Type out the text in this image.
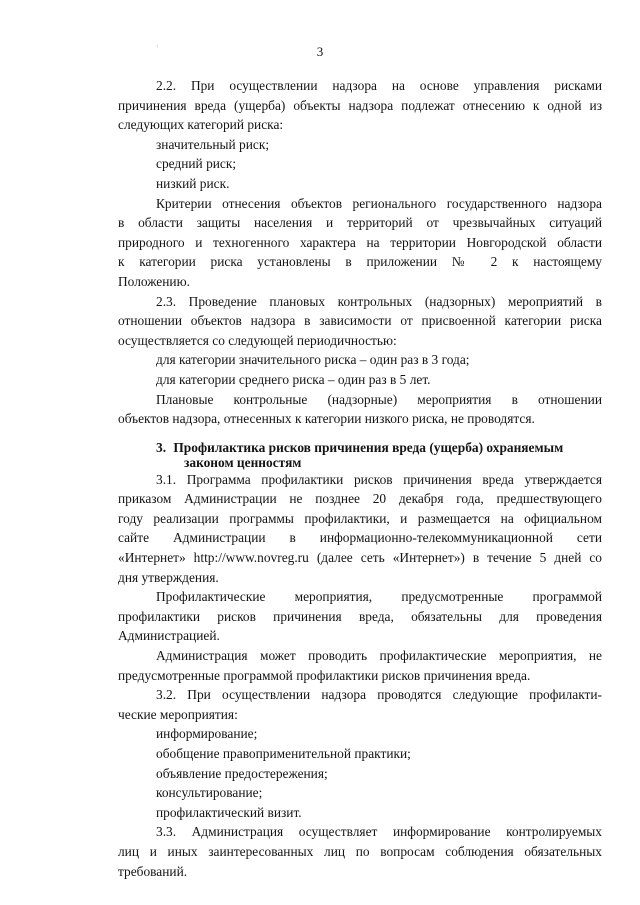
·	3

2.2. При осуществлении надзора на основе управления рисками

причинения вреда (ущерба) объекты надзора подлежат отнесению к одной из

следующих категорий риска:

значительный риск;

средний риск;

низкий риск.

Критерии отнесения объектов регионального государственного надзора

в области защиты населения и территорий от чрезвычайных ситуаций

природного и техногенного характера на территории Новгородской области

к категории риска установлены в приложении № 2 к настоящему

Положению.

2.3. Проведение плановых контрольных (надзорных) мероприятий в

отношении объектов надзора в зависимости от присвоенной категории риска

осуществляется со следующей периодичностью:

для категории значительного риска – один раз в 3 года;

для категории среднего риска – один раз в 5 лет.

Плановые контрольные (надзорные) мероприятия в отношении

объектов надзора, отнесенных к категории низкого риска, не проводятся.

3. Профилактика рисков причинения вреда (ущерба) охраняемым
законом ценностям

3.1. Программа профилактики рисков причинения вреда утверждается

приказом Администрации не позднее 20 декабря года, предшествующего

году реализации программы профилактики, и размещается на официальном

сайте Администрации в информационно-телекоммуникационной сети

«Интернет» http://www.novreg.ru (далее сеть «Интернет») в течение 5 дней со

дня утверждения.

Профилактические мероприятия, предусмотренные программой

профилактики рисков причинения вреда, обязательны для проведения

Администрацией.

Администрация может проводить профилактические мероприятия, не

предусмотренные программой профилактики рисков причинения вреда.

3.2. При осуществлении надзора проводятся следующие профилакти-

ческие мероприятия:

информирование;

обобщение правоприменительной практики;

объявление предостережения;

консультирование;

профилактический визит.

3.3. Администрация осуществляет информирование контролируемых

лиц и иных заинтересованных лиц по вопросам соблюдения обязательных

требований.
